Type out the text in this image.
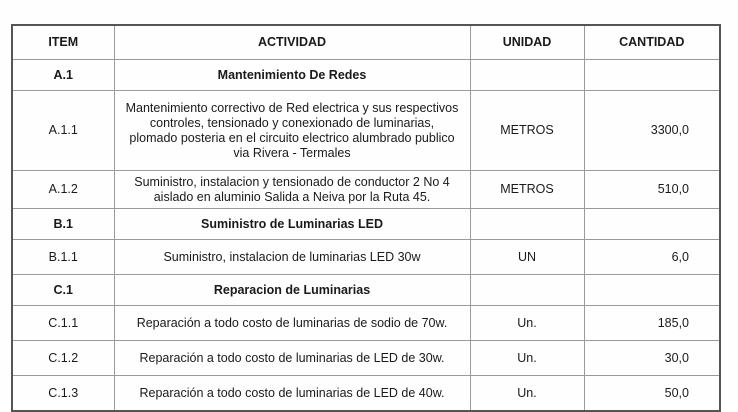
ITEM	ACTIVIDAD	UNIDAD	CANTIDAD
A.1	Mantenimiento De Redes		
A.1.1	Mantenimiento correctivo de Red electrica y sus respectivos controles, tensionado y conexionado de luminarias, plomado posteria en el circuito electrico alumbrado publico via Rivera - Termales	METROS	3300,0
A.1.2	Suministro, instalacion y tensionado de conductor 2 No 4 aislado en aluminio Salida a Neiva por la Ruta 45.	METROS	510,0
B.1	Suministro de Luminarias LED		
B.1.1	Suministro, instalacion de luminarias LED 30w	UN	6,0
C.1	Reparacion de Luminarias		
C.1.1	Reparación a todo costo de luminarias de sodio de 70w.	Un.	185,0
C.1.2	Reparación a todo costo de luminarias de LED de 30w.	Un.	30,0
C.1.3	Reparación a todo costo de luminarias de LED de 40w.	Un.	50,0
